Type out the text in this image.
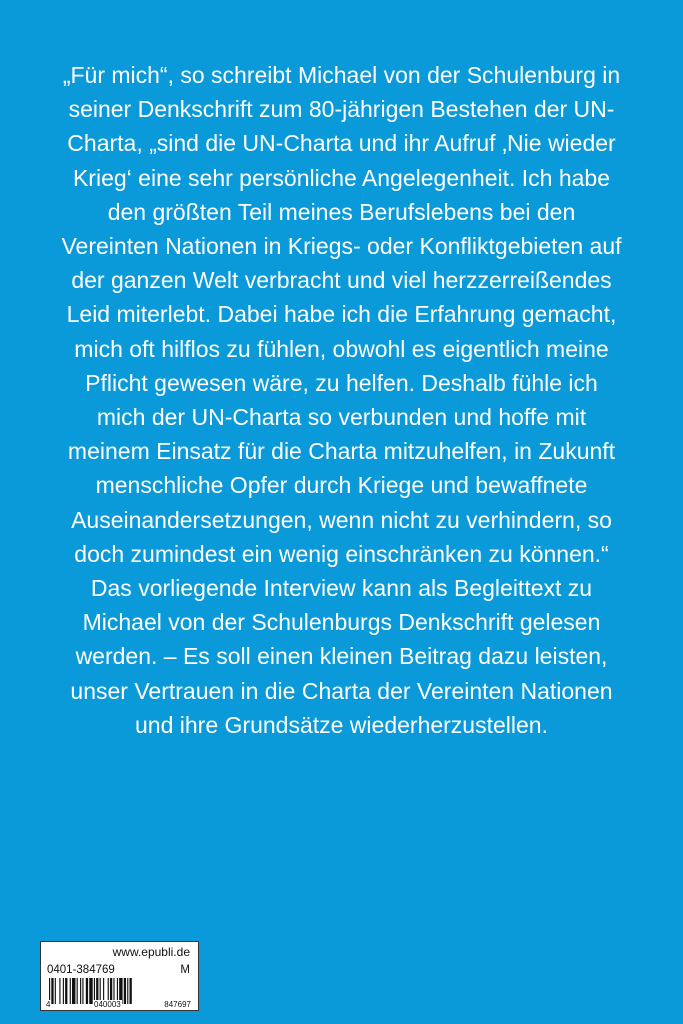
„Für mich“, so schreibt Michael von der Schulenburg in seiner Denkschrift zum 80-jährigen Bestehen der UN-Charta, „sind die UN-Charta und ihr Aufruf ‚Nie wieder Krieg‘ eine sehr persönliche Angelegenheit. Ich habe den größten Teil meines Berufslebens bei den Vereinten Nationen in Kriegs- oder Konfliktgebieten auf der ganzen Welt verbracht und viel herzzerreißendes Leid miterlebt. Dabei habe ich die Erfahrung gemacht, mich oft hilflos zu fühlen, obwohl es eigentlich meine Pflicht gewesen wäre, zu helfen. Deshalb fühle ich mich der UN-Charta so verbunden und hoffe mit meinem Einsatz für die Charta mitzuhelfen, in Zukunft menschliche Opfer durch Kriege und bewaffnete Auseinandersetzungen, wenn nicht zu verhindern, so doch zumindest ein wenig einschränken zu können.“

Das vorliegende Interview kann als Begleittext zu Michael von der Schulenburgs Denkschrift gelesen werden. – Es soll einen kleinen Beitrag dazu leisten, unser Vertrauen in die Charta der Vereinten Nationen und ihre Grundsätze wiederherzustellen.

www.epubli.de
0401-384769	M
4	040003	847697
